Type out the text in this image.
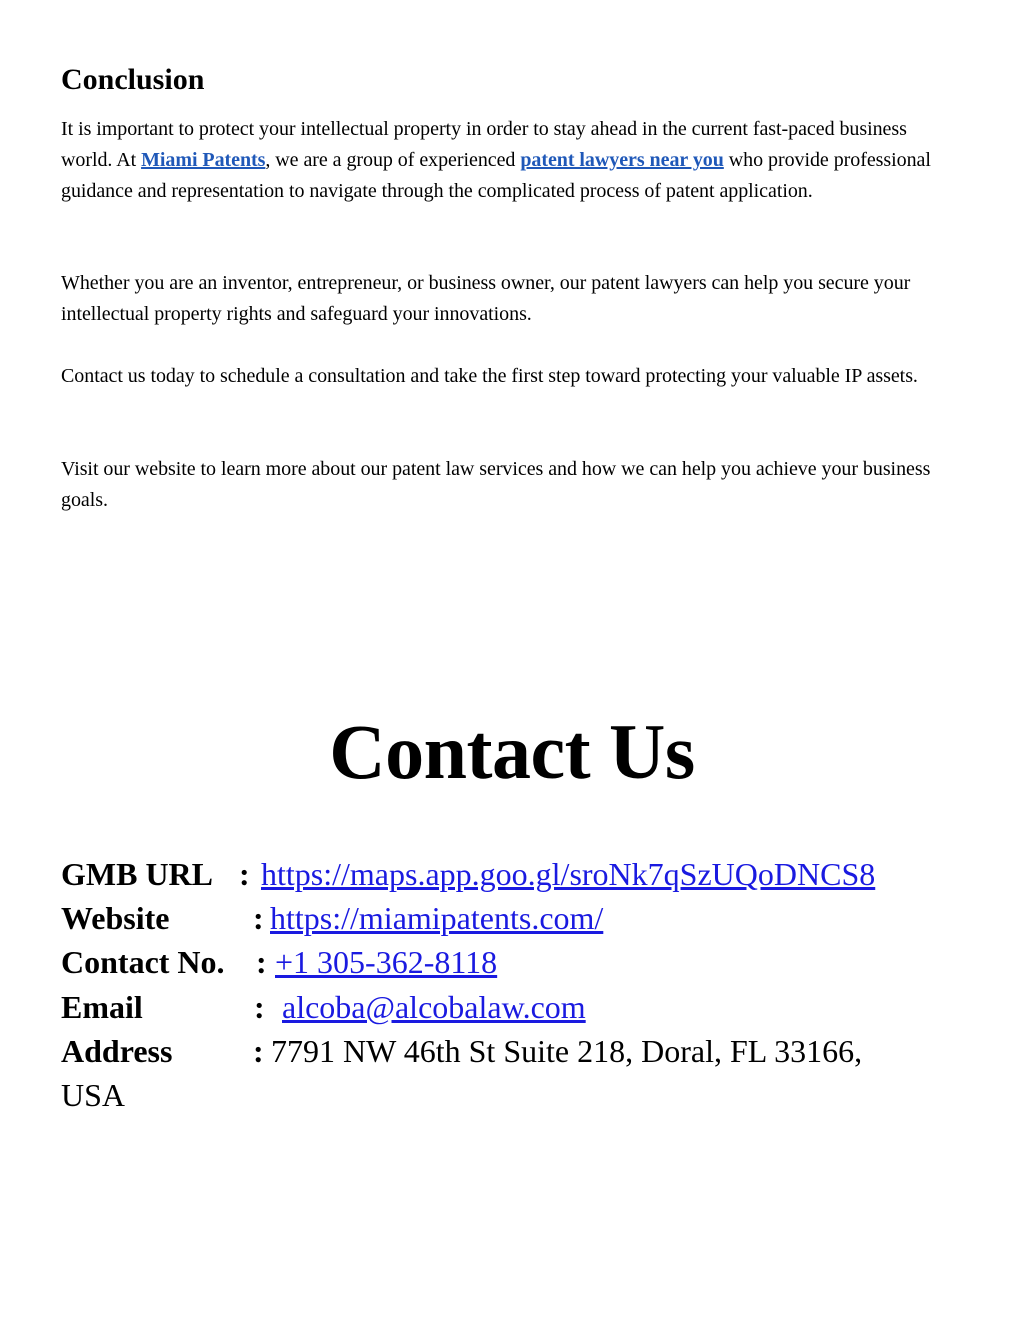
Conclusion

It is important to protect your intellectual property in order to stay ahead in the current fast-paced business world. At Miami Patents, we are a group of experienced patent lawyers near you who provide professional guidance and representation to navigate through the complicated process of patent application.

Whether you are an inventor, entrepreneur, or business owner, our patent lawyers can help you secure your intellectual property rights and safeguard your innovations.

Contact us today to schedule a consultation and take the first step toward protecting your valuable IP assets.

Visit our website to learn more about our patent law services and how we can help you achieve your business goals.

Contact Us
GMB URL : https://maps.app.goo.gl/sroNk7qSzUQoDNCS8
Website	: https://miamipatents.com/
Contact No. : +1 305-362-8118
Email	: alcoba@alcobalaw.com
Address	: 7791 NW 46th St Suite 218, Doral, FL 33166,
USA
